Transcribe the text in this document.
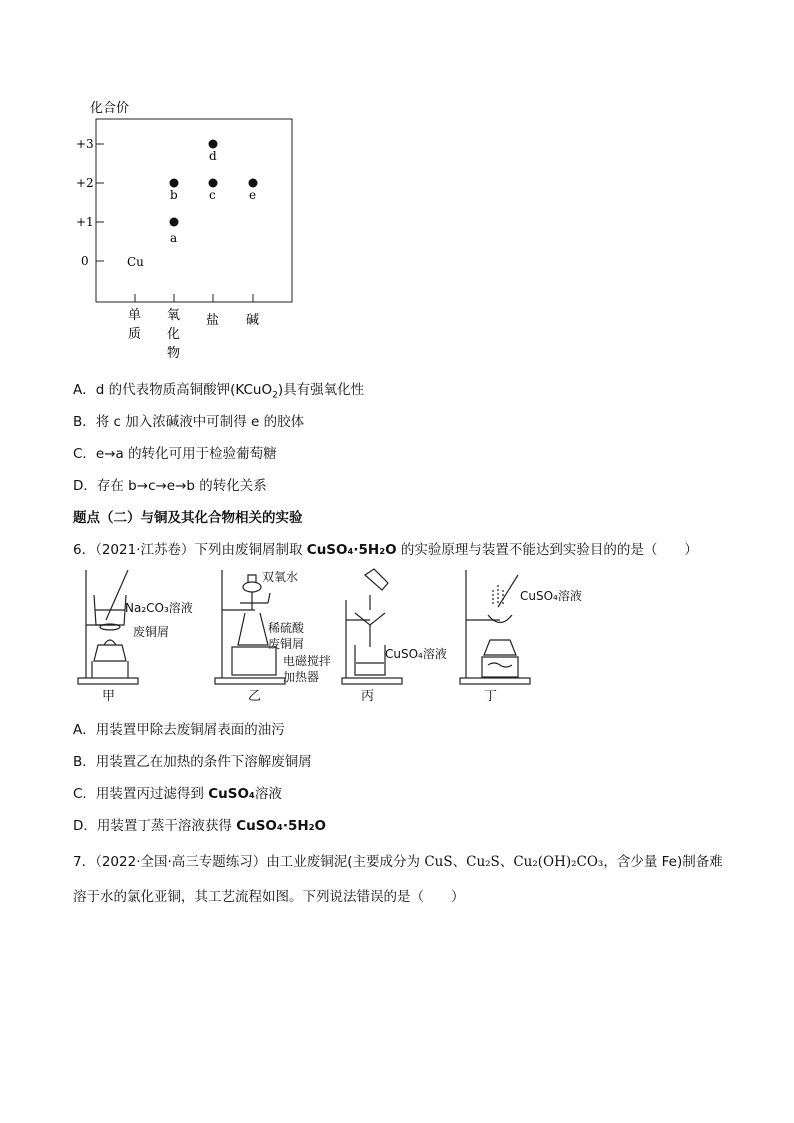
化合价
+3
+2
+1
0
单
质
氧
化
物
盐 碱
Cu
a
b	c
d
e
A．d 的代表物质高铜酸钾(KCuO$_2$)具有强氧化性
B．将 c 加入浓碱液中可制得 e 的胶体
C．e→a 的转化可用于检验葡萄糖
D．存在 b→c→e→b 的转化关系
题点（二）与铜及其化合物相关的实验
6．（2021·江苏卷）下列由废铜屑制取 CuSO₄·5H₂O 的实验原理与装置不能达到实验目的的是（　　）
Na₂CO₃溶液
废铜屑
甲
双氧水
稀硫酸
废铜屑
电磁搅拌
加热器
乙
CuSO₄溶液
丙
CuSO₄溶液
丁
A．用装置甲除去废铜屑表面的油污
B．用装置乙在加热的条件下溶解废铜屑
C．用装置丙过滤得到 CuSO₄溶液
D．用装置丁蒸干溶液获得 CuSO₄·5H₂O
7．（2022·全国·高三专题练习）由工业废铜泥(主要成分为 CuS、Cu₂S、Cu₂(OH)₂CO₃，含少量 Fe)制备难
溶于水的氯化亚铜，其工艺流程如图。下列说法错误的是（　　）
